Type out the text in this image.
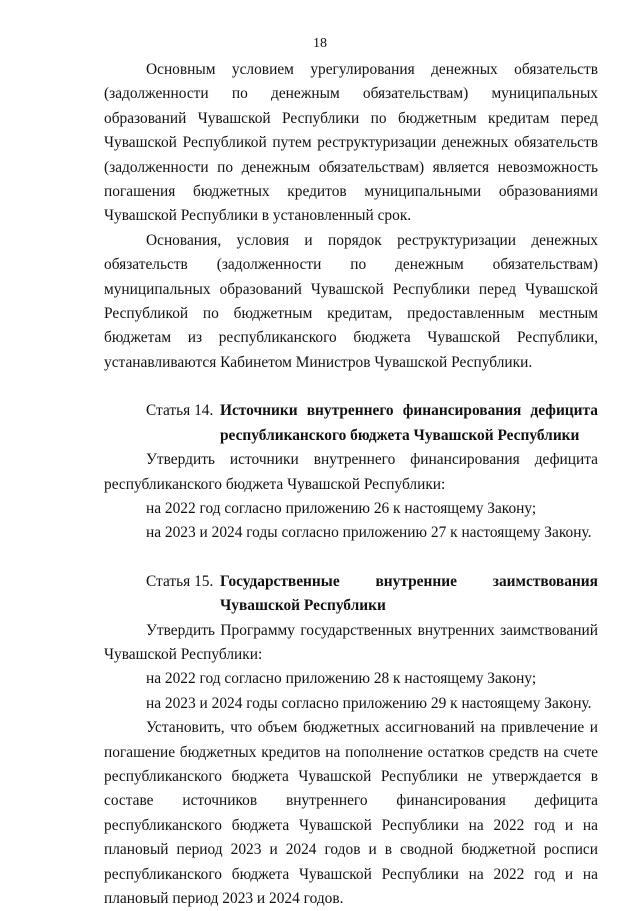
18

Основным условием урегулирования денежных обязательств (задолженности по денежным обязательствам) муниципальных образований Чувашской Республики по бюджетным кредитам перед Чувашской Республикой путем реструктуризации денежных обязательств (задолженности по денежным обязательствам) является невозможность погашения бюджетных кредитов муниципальными образованиями Чувашской Республики в установленный срок.

Основания, условия и порядок реструктуризации денежных обязательств (задолженности по денежным обязательствам) муниципальных образований Чувашской Республики перед Чувашской Республикой по бюджетным кредитам, предоставленным местным бюджетам из республиканского бюджета Чувашской Республики, устанавливаются Кабинетом Министров Чувашской Республики.

Статья 14. Источники внутреннего финансирования дефицита республиканского бюджета Чувашской Республики

Утвердить источники внутреннего финансирования дефицита республиканского бюджета Чувашской Республики:

на 2022 год согласно приложению 26 к настоящему Закону;

на 2023 и 2024 годы согласно приложению 27 к настоящему Закону.

Статья 15. Государственные внутренние заимствования Чувашской Республики

Утвердить Программу государственных внутренних заимствований Чувашской Республики:

на 2022 год согласно приложению 28 к настоящему Закону;

на 2023 и 2024 годы согласно приложению 29 к настоящему Закону.

Установить, что объем бюджетных ассигнований на привлечение и погашение бюджетных кредитов на пополнение остатков средств на счете республиканского бюджета Чувашской Республики не утверждается в составе источников внутреннего финансирования дефицита республиканского бюджета Чувашской Республики на 2022 год и на плановый период 2023 и 2024 годов и в сводной бюджетной росписи республиканского бюджета Чувашской Республики на 2022 год и на плановый период 2023 и 2024 годов.
